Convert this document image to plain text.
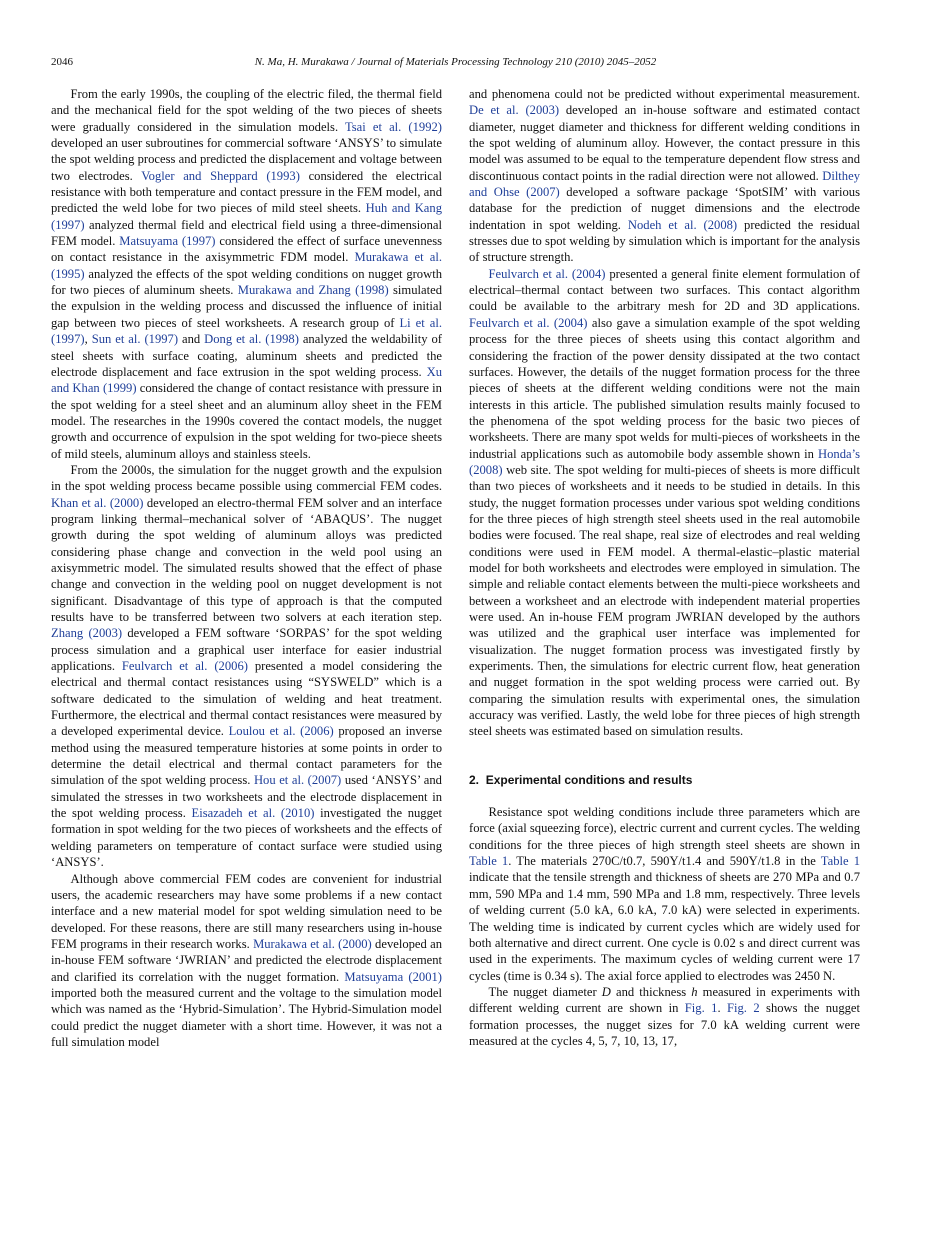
2046	N. Ma, H. Murakawa / Journal of Materials Processing Technology 210 (2010) 2045–2052

From the early 1990s, the coupling of the electric filed, the thermal field and the mechanical field for the spot welding of the two pieces of sheets were gradually considered in the simulation models. Tsai et al. (1992) developed an user subroutines for commercial software ‘ANSYS’ to simulate the spot welding process and predicted the displacement and voltage between two electrodes. Vogler and Sheppard (1993) considered the electrical resistance with both temperature and contact pressure in the FEM model, and predicted the weld lobe for two pieces of mild steel sheets. Huh and Kang (1997) analyzed thermal field and electrical field using a three-dimensional FEM model. Matsuyama (1997) considered the effect of surface unevenness on contact resistance in the axisymmetric FDM model. Murakawa et al. (1995) analyzed the effects of the spot welding conditions on nugget growth for two pieces of aluminum sheets. Murakawa and Zhang (1998) simulated the expulsion in the welding process and discussed the influence of initial gap between two pieces of steel worksheets. A research group of Li et al. (1997), Sun et al. (1997) and Dong et al. (1998) analyzed the weldability of steel sheets with surface coating, aluminum sheets and predicted the electrode displacement and face extrusion in the spot welding process. Xu and Khan (1999) considered the change of contact resistance with pressure in the spot welding for a steel sheet and an aluminum alloy sheet in the FEM model. The researches in the 1990s covered the contact models, the nugget growth and occurrence of expulsion in the spot welding for two-piece sheets of mild steels, aluminum alloys and stainless steels.

From the 2000s, the simulation for the nugget growth and the expulsion in the spot welding process became possible using commercial FEM codes. Khan et al. (2000) developed an electro-thermal FEM solver and an interface program linking thermal–mechanical solver of ‘ABAQUS’. The nugget growth during the spot welding of aluminum alloys was predicted considering phase change and convection in the weld pool using an axisymmetric model. The simulated results showed that the effect of phase change and convection in the welding pool on nugget development is not significant. Disadvantage of this type of approach is that the computed results have to be transferred between two solvers at each iteration step. Zhang (2003) developed a FEM software ‘SORPAS’ for the spot welding process simulation and a graphical user interface for easier industrial applications. Feulvarch et al. (2006) presented a model considering the electrical and thermal contact resistances using “SYSWELD” which is a software dedicated to the simulation of welding and heat treatment. Furthermore, the electrical and thermal contact resistances were measured by a developed experimental device. Loulou et al. (2006) proposed an inverse method using the measured temperature histories at some points in order to determine the detail electrical and thermal contact parameters for the simulation of the spot welding process. Hou et al. (2007) used ‘ANSYS’ and simulated the stresses in two worksheets and the electrode displacement in the spot welding process. Eisazadeh et al. (2010) investigated the nugget formation in spot welding for the two pieces of worksheets and the effects of welding parameters on temperature of contact surface were studied using ‘ANSYS’.

Although above commercial FEM codes are convenient for industrial users, the academic researchers may have some problems if a new contact interface and a new material model for spot welding simulation need to be developed. For these reasons, there are still many researchers using in-house FEM programs in their research works. Murakawa et al. (2000) developed an in-house FEM software ‘JWRIAN’ and predicted the electrode displacement and clarified its correlation with the nugget formation. Matsuyama (2001) imported both the measured current and the voltage to the simulation model which was named as the ‘Hybrid-Simulation’. The Hybrid-Simulation model could predict the nugget diameter with a short time. However, it was not a full simulation model

and phenomena could not be predicted without experimental measurement. De et al. (2003) developed an in-house software and estimated contact diameter, nugget diameter and thickness for different welding conditions in the spot welding of aluminum alloy. However, the contact pressure in this model was assumed to be equal to the temperature dependent flow stress and discontinuous contact points in the radial direction were not allowed. Dilthey and Ohse (2007) developed a software package ‘SpotSIM’ with various database for the prediction of nugget dimensions and the electrode indentation in spot welding. Nodeh et al. (2008) predicted the residual stresses due to spot welding by simulation which is important for the analysis of structure strength.

Feulvarch et al. (2004) presented a general finite element formulation of electrical–thermal contact between two surfaces. This contact algorithm could be available to the arbitrary mesh for 2D and 3D applications. Feulvarch et al. (2004) also gave a simulation example of the spot welding process for the three pieces of sheets using this contact algorithm and considering the fraction of the power density dissipated at the two contact surfaces. However, the details of the nugget formation process for the three pieces of sheets at the different welding conditions were not the main interests in this article. The published simulation results mainly focused to the phenomena of the spot welding process for the basic two pieces of worksheets. There are many spot welds for multi-pieces of worksheets in the industrial applications such as automobile body assemble shown in Honda’s (2008) web site. The spot welding for multi-pieces of sheets is more difficult than two pieces of worksheets and it needs to be studied in details. In this study, the nugget formation processes under various spot welding conditions for the three pieces of high strength steel sheets used in the real automobile bodies were focused. The real shape, real size of electrodes and real welding conditions were used in FEM model. A thermal-elastic–plastic material model for both worksheets and electrodes were employed in simulation. The simple and reliable contact elements between the multi-piece worksheets and between a worksheet and an electrode with independent material properties were used. An in-house FEM program JWRIAN developed by the authors was utilized and the graphical user interface was implemented for visualization. The nugget formation process was investigated firstly by experiments. Then, the simulations for electric current flow, heat generation and nugget formation in the spot welding process were carried out. By comparing the simulation results with experimental ones, the simulation accuracy was verified. Lastly, the weld lobe for three pieces of high strength steel sheets was estimated based on simulation results.

2. Experimental conditions and results

Resistance spot welding conditions include three parameters which are force (axial squeezing force), electric current and current cycles. The welding conditions for the three pieces of high strength steel sheets are shown in Table 1. The materials 270C/t0.7, 590Y/t1.4 and 590Y/t1.8 in the Table 1 indicate that the tensile strength and thickness of sheets are 270 MPa and 0.7 mm, 590 MPa and 1.4 mm, 590 MPa and 1.8 mm, respectively. Three levels of welding current (5.0 kA, 6.0 kA, 7.0 kA) were selected in experiments. The welding time is indicated by current cycles which are widely used for both alternative and direct current. One cycle is 0.02 s and direct current was used in the experiments. The maximum cycles of welding current were 17 cycles (time is 0.34 s). The axial force applied to electrodes was 2450 N.

The nugget diameter D and thickness h measured in experiments with different welding current are shown in Fig. 1. Fig. 2 shows the nugget formation processes, the nugget sizes for 7.0 kA welding current were measured at the cycles 4, 5, 7, 10, 13, 17,
